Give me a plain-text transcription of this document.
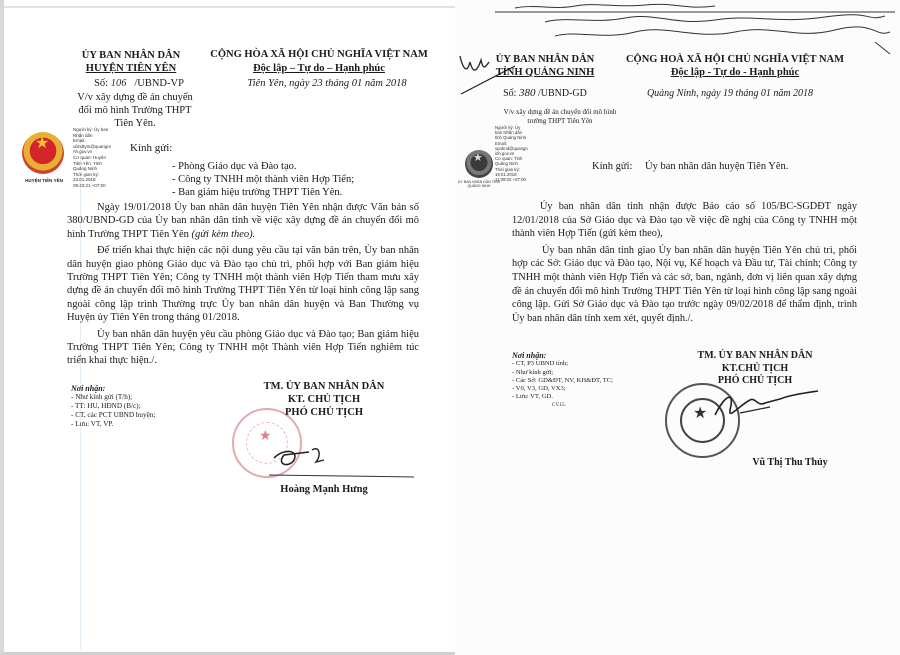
ỦY BAN NHÂN DÂN
HUYỆN TIÊN YÊN
CỘNG HÒA XÃ HỘI CHỦ NGHĨA VIỆT NAM
Độc lập – Tự do – Hạnh phúc
Số: 106 /UBND-VP	Tiên Yên, ngày 23 tháng 01 năm 2018
V/v xây dựng đề án chuyển đổi mô hình Trường THPT Tiên Yên.
★
HUYỆN TIÊN YÊN
Người ký: Ủy ban
Nhân dân
Email:
ubndtytn@quangni
nh.gov.vn
Cơ quan: Huyện
Tiên Yên, Tỉnh
Quảng Ninh
Thời gian ký:
23.01.2018
09:43:21 +07:00
Kính gửi:
- Phòng Giáo dục và Đào tạo.
- Công ty TNHH một thành viên Hợp Tiến;
- Ban giám hiệu trường THPT Tiên Yên.

Ngày 19/01/2018 Ủy ban nhân dân huyện Tiên Yên nhận được Văn bản số 380/UBND-GD của Ủy ban nhân dân tỉnh về việc xây dựng đề án chuyển đổi mô hình Trường THPT Tiên Yên (gửi kèm theo).

Để triển khai thực hiện các nội dung yêu cầu tại văn bản trên, Ủy ban nhân dân huyện giao phòng Giáo dục và Đào tạo chủ trì, phối hợp với Ban giám hiệu Trường THPT Tiên Yên; Công ty TNHH một thành viên Hợp Tiến tham mưu xây dựng đề án chuyển đổi mô hình Trường THPT Tiên Yên từ loại hình công lập sang ngoài công lập trình Thường trực Ủy ban nhân dân huyện và Ban Thường vụ Huyện ủy Tiên Yên trong tháng 01/2018.

Ủy ban nhân dân huyện yêu cầu phòng Giáo dục và Đào tạo; Ban giám hiệu Trường THPT Tiên Yên; Công ty TNHH một Thành viên Hợp Tiến nghiêm túc triển khai thực hiện./.

Nơi nhận:
- Như kính gửi (T/h);
- TT: HU, HĐND (B/c);
- CT, các PCT UBND huyện;
- Lưu: VT, VP.
★
TM. ỦY BAN NHÂN DÂN
KT. CHỦ TỊCH
PHÓ CHỦ TỊCH
Hoàng Mạnh Hưng
ỦY BAN NHÂN DÂN
TỈNH QUẢNG NINH
CỘNG HOÀ XÃ HỘI CHỦ NGHĨA VIỆT NAM
Độc lập - Tự do - Hạnh phúc
Số: 380 /UBND-GD	Quảng Ninh, ngày 19 tháng 01 năm 2018
V/v xây dựng đề án chuyển đổi mô hình trường THPT Tiên Yên
★
UY BAN NHÂN DÂN TỈNH QUẢNG NINH
Người ký: Ủy
ban Nhân dân
tỉnh Quảng Ninh
Email:
vpubnd@quangn
inh.gov.vn
Cơ quan: Tỉnh
Quảng Ninh
Thời gian ký:
19.01.2018
11:09:02 +07:00
Kính gửi: Ủy ban nhân dân huyện Tiên Yên.

Ủy ban nhân dân tỉnh nhận được Báo cáo số 105/BC-SGDĐT ngày 12/01/2018 của Sở Giáo dục và Đào tạo về việc đề nghị của Công ty TNHH một thành viên Hợp Tiến (gửi kèm theo),

Ủy ban nhân dân tỉnh giao Ủy ban nhân dân huyện Tiên Yên chủ trì, phối hợp các Sở: Giáo dục và Đào tạo, Nội vụ, Kế hoạch và Đầu tư, Tài chính; Công ty TNHH một thành viên Hợp Tiến và các sở, ban, ngành, đơn vị liên quan xây dựng đề án chuyển đổi mô hình Trường THPT Tiên Yên từ loại hình công lập sang ngoài công lập. Gửi Sở Giáo dục và Đào tạo trước ngày 09/02/2018 để thẩm định, trình Ủy ban nhân dân tỉnh xem xét, quyết định./.

Nơi nhận:
- CT, P3 UBND tỉnh;
- Như kính gửi;
- Các Sở: GD&ĐT, NV, KH&ĐT, TC;
- V0, V3, GD, VX3;
- Lưu: VT, GD.
CV.15.
TM. ỦY BAN NHÂN DÂN
KT.CHỦ TỊCH
PHÓ CHỦ TỊCH
★
Vũ Thị Thu Thủy
